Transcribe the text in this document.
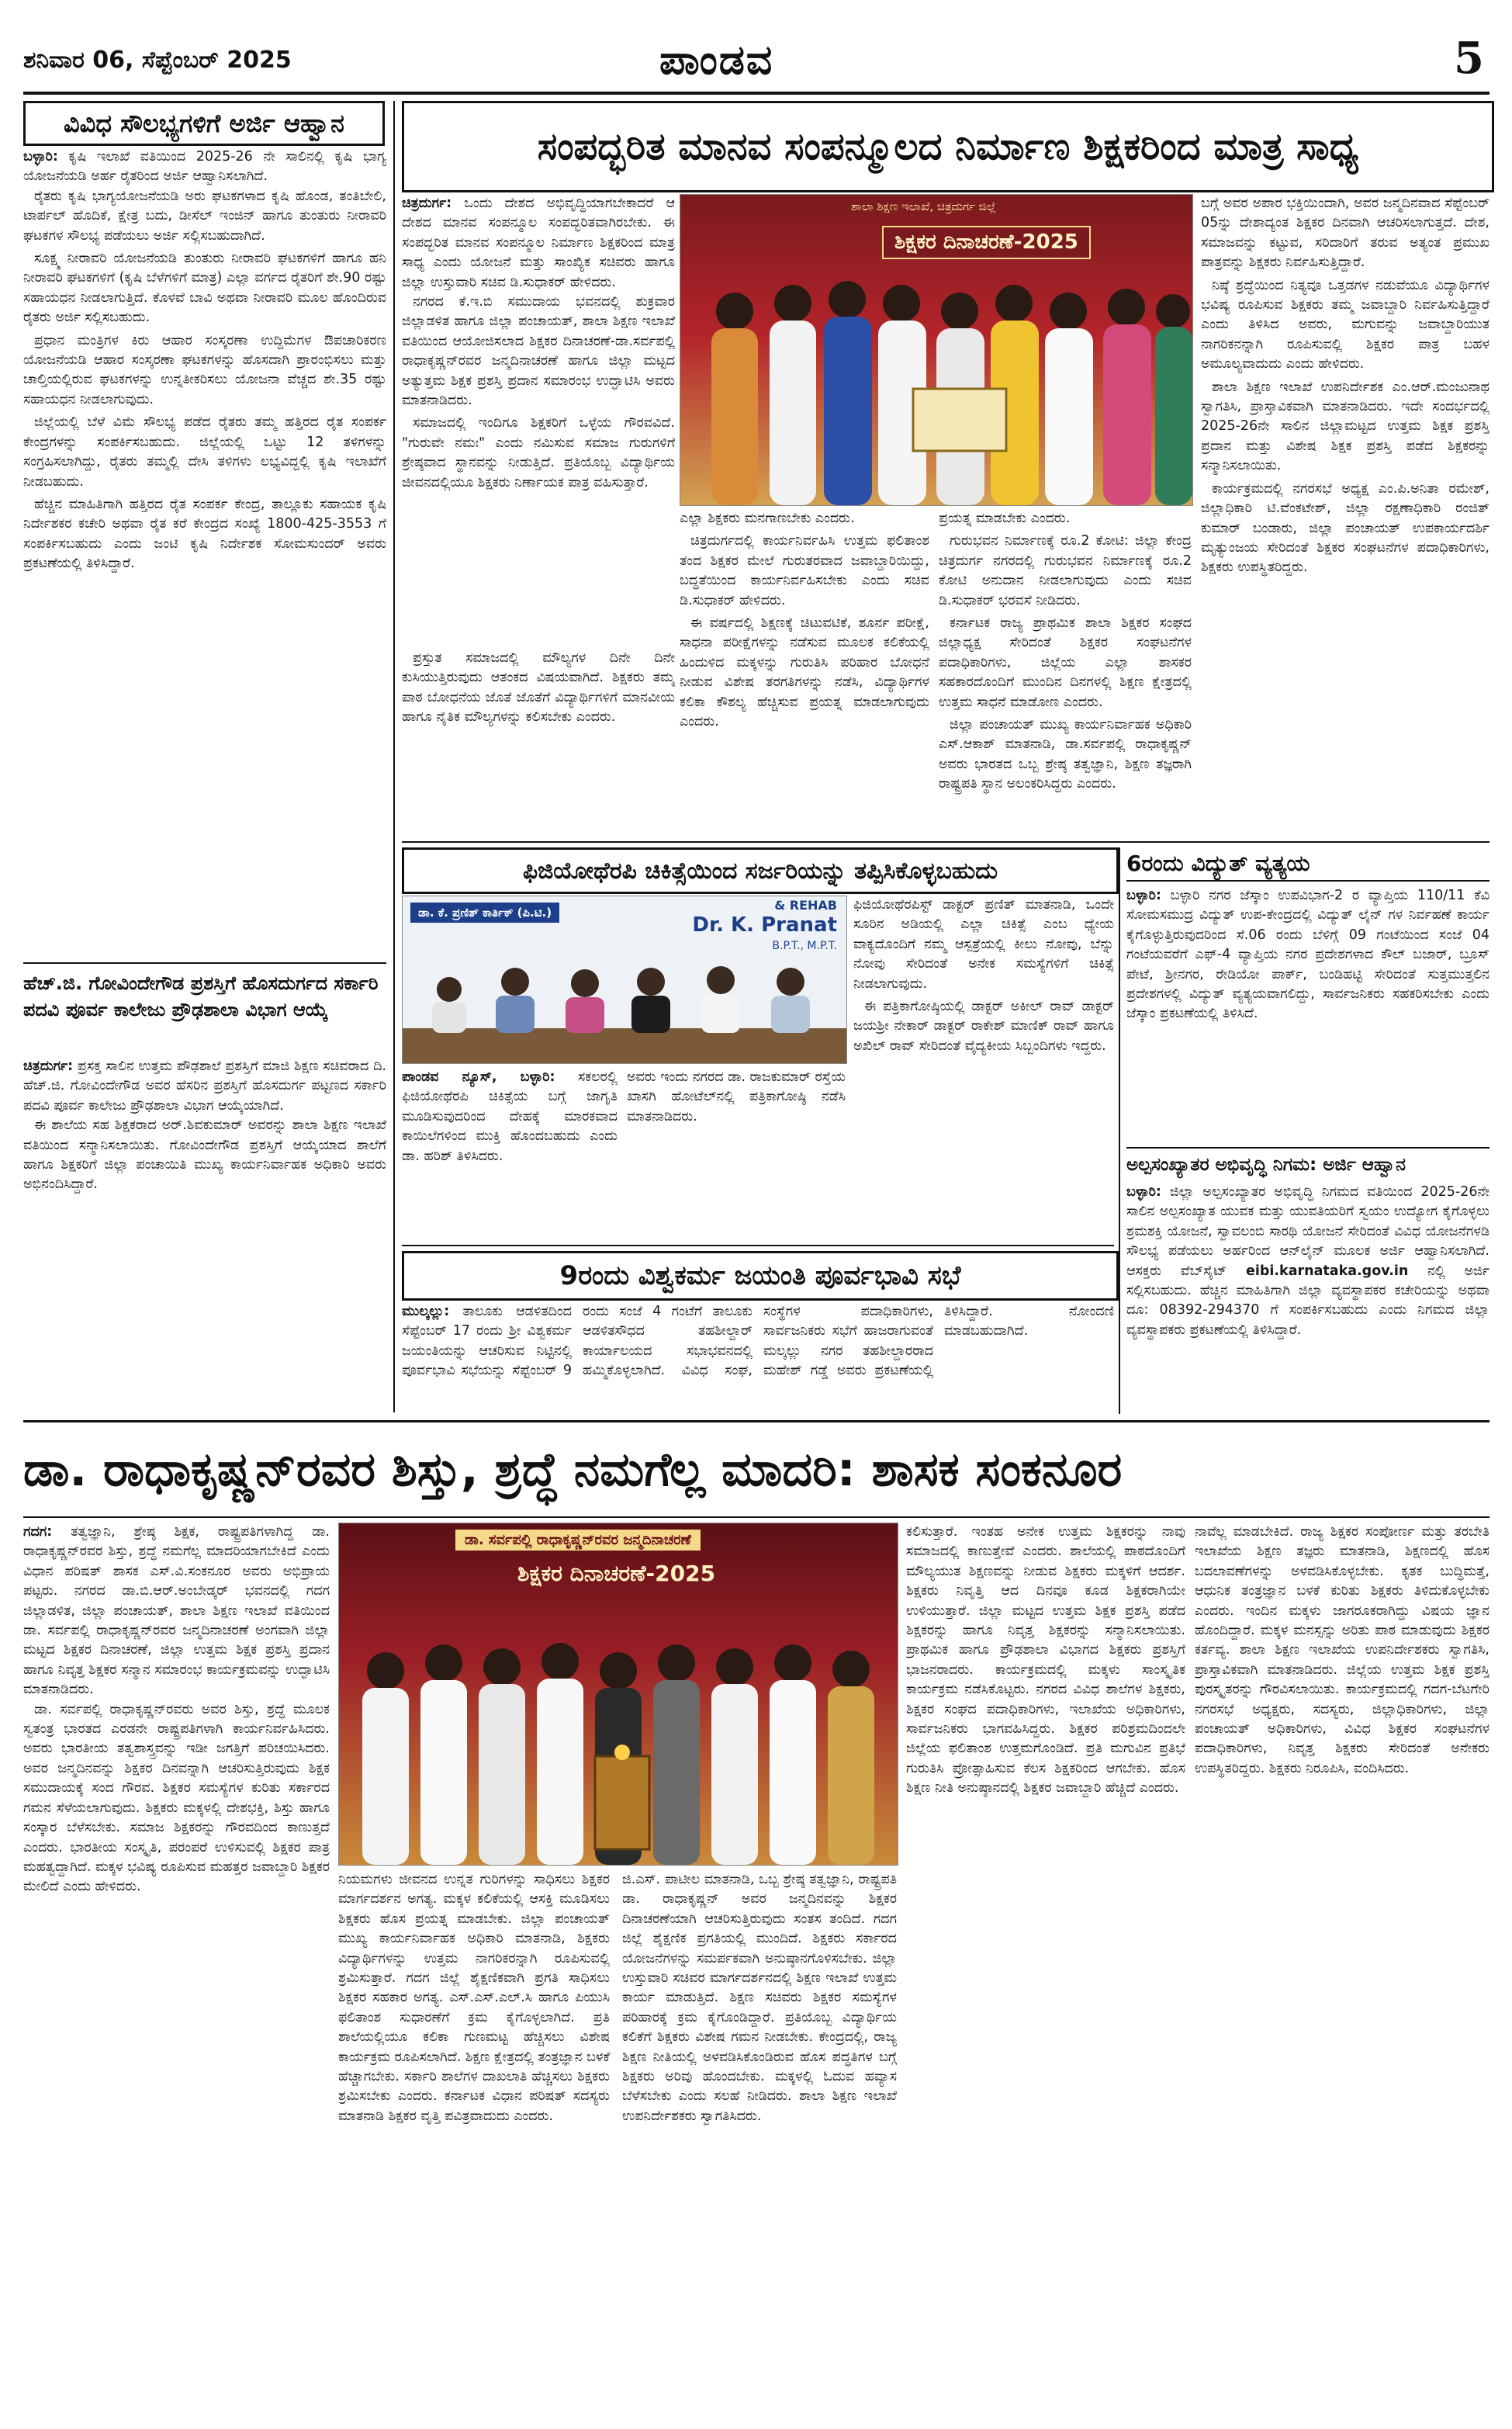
ಶನಿವಾರ 06, ಸೆಪ್ಟೆಂಬರ್ 2025	ಪಾಂಡವ	5
ವಿವಿಧ ಸೌಲಭ್ಯಗಳಿಗೆ ಅರ್ಜಿ ಆಹ್ವಾನ
ಬಳ್ಳಾರಿ: ಕೃಷಿ ಇಲಾಖೆ ವತಿಯಿಂದ 2025-26 ನೇ ಸಾಲಿನಲ್ಲಿ ಕೃಷಿ ಭಾಗ್ಯ ಯೋಜನೆಯಡಿ ಅರ್ಹ ರೈತರಿಂದ ಅರ್ಜಿ ಆಹ್ವಾನಿಸಲಾಗಿದೆ.

ರೈತರು ಕೃಷಿ ಭಾಗ್ಯಯೋಜನೆಯಡಿ ಅರು ಘಟಕಗಳಾದ ಕೃಷಿ ಹೊಂಡ, ತಂತಿಬೇಲಿ, ಟಾರ್ಪಲ್ ಹೊದಿಕೆ, ಕ್ಷೇತ್ರ ಬದು, ಡೀಸೆಲ್ ಇಂಜಿನ್ ಹಾಗೂ ತುಂತುರು ನೀರಾವರಿ ಘಟಕಗಳ ಸೌಲಭ್ಯ ಪಡೆಯಲು ಅರ್ಜಿ ಸಲ್ಲಿಸಬಹುದಾಗಿದೆ.

ಸೂಕ್ಷ್ಮ ನೀರಾವರಿ ಯೋಜನೆಯಡಿ ತುಂತುರು ನೀರಾವರಿ ಘಟಕಗಳಿಗೆ ಹಾಗೂ ಹನಿ ನೀರಾವರಿ ಘಟಕಗಳಿಗೆ (ಕೃಷಿ ಬೆಳೆಗಳಿಗೆ ಮಾತ್ರ) ಎಲ್ಲಾ ವರ್ಗದ ರೈತರಿಗೆ ಶೇ.90 ರಷ್ಟು ಸಹಾಯಧನ ನೀಡಲಾಗುತ್ತಿದೆ. ಕೊಳವೆ ಬಾವಿ ಅಥವಾ ನೀರಾವರಿ ಮೂಲ ಹೊಂದಿರುವ ರೈತರು ಅರ್ಜಿ ಸಲ್ಲಿಸಬಹುದು.

ಪ್ರಧಾನ ಮಂತ್ರಿಗಳ ಕಿರು ಆಹಾರ ಸಂಸ್ಕರಣಾ ಉದ್ದಿಮೆಗಳ ಔಪಚಾರಿಕರಣ ಯೋಜನೆಯಡಿ ಆಹಾರ ಸಂಸ್ಕರಣಾ ಘಟಕಗಳನ್ನು ಹೊಸದಾಗಿ ಪ್ರಾರಂಭಿಸಲು ಮತ್ತು ಚಾಲ್ತಿಯಲ್ಲಿರುವ ಘಟಕಗಳನ್ನು ಉನ್ನತೀಕರಿಸಲು ಯೋಜನಾ ವೆಚ್ಚದ ಶೇ.35 ರಷ್ಟು ಸಹಾಯಧನ ನೀಡಲಾಗುವುದು.

ಜಿಲ್ಲೆಯಲ್ಲಿ ಬೆಳೆ ವಿಮೆ ಸೌಲಭ್ಯ ಪಡೆದ ರೈತರು ತಮ್ಮ ಹತ್ತಿರದ ರೈತ ಸಂಪರ್ಕ ಕೇಂದ್ರಗಳನ್ನು ಸಂಪರ್ಕಿಸಬಹುದು. ಜಿಲ್ಲೆಯಲ್ಲಿ ಒಟ್ಟು 12 ತಳಿಗಳನ್ನು ಸಂಗ್ರಹಿಸಲಾಗಿದ್ದು, ರೈತರು ತಮ್ಮಲ್ಲಿ ದೇಸಿ ತಳಿಗಳು ಲಭ್ಯವಿದ್ದಲ್ಲಿ ಕೃಷಿ ಇಲಾಖೆಗೆ ನೀಡಬಹುದು.

ಹೆಚ್ಚಿನ ಮಾಹಿತಿಗಾಗಿ ಹತ್ತಿರದ ರೈತ ಸಂಪರ್ಕ ಕೇಂದ್ರ, ತಾಲ್ಲೂಕು ಸಹಾಯಕ ಕೃಷಿ ನಿರ್ದೇಶಕರ ಕಚೇರಿ ಅಥವಾ ರೈತ ಕರೆ ಕೇಂದ್ರದ ಸಂಖ್ಯೆ 1800-425-3553 ಗೆ ಸಂಪರ್ಕಿಸಬಹುದು ಎಂದು ಜಂಟಿ ಕೃಷಿ ನಿರ್ದೇಶಕ ಸೋಮಸುಂದರ್ ಅವರು ಪ್ರಕಟಣೆಯಲ್ಲಿ ತಿಳಿಸಿದ್ದಾರೆ.

ಹೆಚ್.ಜಿ. ಗೋವಿಂದೇಗೌಡ ಪ್ರಶಸ್ತಿಗೆ ಹೊಸದುರ್ಗದ ಸರ್ಕಾರಿ ಪದವಿ ಪೂರ್ವ ಕಾಲೇಜು ಪ್ರೌಢಶಾಲಾ ವಿಭಾಗ ಆಯ್ಕೆ
ಚಿತ್ರದುರ್ಗ: ಪ್ರಸಕ್ತ ಸಾಲಿನ ಉತ್ತಮ ಪೌಢಶಾಲೆ ಪ್ರಶಸ್ತಿಗೆ ಮಾಜಿ ಶಿಕ್ಷಣ ಸಚಿವರಾದ ದಿ. ಹೆಚ್.ಜಿ. ಗೋವಿಂದೇಗೌಡ ಅವರ ಹೆಸರಿನ ಪ್ರಶಸ್ತಿಗೆ ಹೊಸದುರ್ಗ ಪಟ್ಟಣದ ಸರ್ಕಾರಿ ಪದವಿ ಪೂರ್ವ ಕಾಲೇಜು ಪ್ರೌಢಶಾಲಾ ವಿಭಾಗ ಆಯ್ಕೆಯಾಗಿದೆ.

ಈ ಶಾಲೆಯ ಸಹ ಶಿಕ್ಷಕರಾದ ಅರ್.ಶಿವಕುಮಾರ್ ಅವರನ್ನು ಶಾಲಾ ಶಿಕ್ಷಣ ಇಲಾಖೆ ವತಿಯಿಂದ ಸನ್ಮಾನಿಸಲಾಯಿತು. ಗೋವಿಂದೇಗೌಡ ಪ್ರಶಸ್ತಿಗೆ ಆಯ್ಕೆಯಾದ ಶಾಲೆಗೆ ಹಾಗೂ ಶಿಕ್ಷಕರಿಗೆ ಜಿಲ್ಲಾ ಪಂಚಾಯಿತಿ ಮುಖ್ಯ ಕಾರ್ಯನಿರ್ವಾಹಕ ಅಧಿಕಾರಿ ಅವರು ಅಭಿನಂದಿಸಿದ್ದಾರೆ.

ಸಂಪದ್ಭರಿತ ಮಾನವ ಸಂಪನ್ಮೂಲದ ನಿರ್ಮಾಣ ಶಿಕ್ಷಕರಿಂದ ಮಾತ್ರ ಸಾಧ್ಯ
ಚಿತ್ರದುರ್ಗ: ಒಂದು ದೇಶದ ಅಭಿವೃದ್ಧಿಯಾಗಬೇಕಾದರೆ ಆ ದೇಶದ ಮಾನವ ಸಂಪನ್ಮೂಲ ಸಂಪದ್ಭರಿತವಾಗಿರಬೇಕು. ಈ ಸಂಪದ್ಭರಿತ ಮಾನವ ಸಂಪನ್ಮೂಲ ನಿರ್ಮಾಣ ಶಿಕ್ಷಕರಿಂದ ಮಾತ್ರ ಸಾಧ್ಯ ಎಂದು ಯೋಜನೆ ಮತ್ತು ಸಾಂಖ್ಯಿಕ ಸಚಿವರು ಹಾಗೂ ಜಿಲ್ಲಾ ಉಸ್ತುವಾರಿ ಸಚಿವ ಡಿ.ಸುಧಾಕರ್ ಹೇಳಿದರು.

ನಗರದ ಕೆ.ಇ.ಬಿ ಸಮುದಾಯ ಭವನದಲ್ಲಿ ಶುಕ್ರವಾರ ಜಿಲ್ಲಾಡಳಿತ ಹಾಗೂ ಜಿಲ್ಲಾ ಪಂಚಾಯತ್, ಶಾಲಾ ಶಿಕ್ಷಣ ಇಲಾಖೆ ವತಿಯಿಂದ ಆಯೋಜಿಸಲಾದ ಶಿಕ್ಷಕರ ದಿನಾಚರಣೆ-ಡಾ.ಸರ್ವಪಲ್ಲಿ ರಾಧಾಕೃಷ್ಣನ್‌ರವರ ಜನ್ಮದಿನಾಚರಣೆ ಹಾಗೂ ಜಿಲ್ಲಾ ಮಟ್ಟದ ಅತ್ಯುತ್ತಮ ಶಿಕ್ಷಕ ಪ್ರಶಸ್ತಿ ಪ್ರದಾನ ಸಮಾರಂಭ ಉದ್ಘಾಟಿಸಿ ಅವರು ಮಾತನಾಡಿದರು.

ಸಮಾಜದಲ್ಲಿ ಇಂದಿಗೂ ಶಿಕ್ಷಕರಿಗೆ ಒಳ್ಳೆಯ ಗೌರವವಿದೆ. "ಗುರುವೇ ನಮಃ" ಎಂದು ನಮಿಸುವ ಸಮಾಜ ಗುರುಗಳಿಗೆ ಶ್ರೇಷ್ಠವಾದ ಸ್ಥಾನವನ್ನು ನೀಡುತ್ತಿದೆ. ಪ್ರತಿಯೊಬ್ಬ ವಿದ್ಯಾರ್ಥಿಯ ಜೀವನದಲ್ಲಿಯೂ ಶಿಕ್ಷಕರು ನಿರ್ಣಾಯಕ ಪಾತ್ರ ವಹಿಸುತ್ತಾರೆ.

ಶಾಲಾ ಶಿಕ್ಷಣ ಇಲಾಖೆ, ಚಿತ್ರದುರ್ಗ ಜಿಲ್ಲೆ
ಶಿಕ್ಷಕರ ದಿನಾಚರಣೆ-2025

ಎಲ್ಲಾ ಶಿಕ್ಷಕರು ಮನಗಾಣಬೇಕು ಎಂದರು.

ಚಿತ್ರದುರ್ಗದಲ್ಲಿ ಕಾರ್ಯನಿರ್ವಹಿಸಿ ಉತ್ತಮ ಫಲಿತಾಂಶ ತಂದ ಶಿಕ್ಷಕರ ಮೇಲೆ ಗುರುತರವಾದ ಜವಾಬ್ದಾರಿಯಿದ್ದು, ಬದ್ಧತೆಯಿಂದ ಕಾರ್ಯನಿರ್ವಹಿಸಬೇಕು ಎಂದು ಸಚಿವ ಡಿ.ಸುಧಾಕರ್ ಹೇಳಿದರು.

ಈ ವರ್ಷದಲ್ಲಿ ಶಿಕ್ಷಣಕ್ಕೆ ಚಿಟುವಟಿಕೆ, ಶೂರ್ನ ಪರೀಕ್ಷೆ, ಸಾಧನಾ ಪರೀಕ್ಷೆಗಳನ್ನು ನಡೆಸುವ ಮೂಲಕ ಕಲಿಕೆಯಲ್ಲಿ ಹಿಂದುಳಿದ ಮಕ್ಕಳನ್ನು ಗುರುತಿಸಿ ಪರಿಹಾರ ಬೋಧನೆ ನೀಡುವ ವಿಶೇಷ ತರಗತಿಗಳನ್ನು ನಡೆಸಿ, ವಿದ್ಯಾರ್ಥಿಗಳ ಕಲಿಕಾ ಕೌಶಲ್ಯ ಹೆಚ್ಚಿಸುವ ಪ್ರಯತ್ನ ಮಾಡಲಾಗುವುದು ಎಂದರು.

ಪ್ರಯತ್ನ ಮಾಡಬೇಕು ಎಂದರು.

ಗುರುಭವನ ನಿರ್ಮಾಣಕ್ಕೆ ರೂ.2 ಕೋಟಿ: ಜಿಲ್ಲಾ ಕೇಂದ್ರ ಚಿತ್ರದುರ್ಗ ನಗರದಲ್ಲಿ ಗುರುಭವನ ನಿರ್ಮಾಣಕ್ಕೆ ರೂ.2 ಕೋಟಿ ಅನುದಾನ ನೀಡಲಾಗುವುದು ಎಂದು ಸಚಿವ ಡಿ.ಸುಧಾಕರ್ ಭರವಸೆ ನೀಡಿದರು.

ಕರ್ನಾಟಕ ರಾಜ್ಯ ಪ್ರಾಥಮಿಕ ಶಾಲಾ ಶಿಕ್ಷಕರ ಸಂಘದ ಜಿಲ್ಲಾಧ್ಯಕ್ಷ ಸೇರಿದಂತೆ ಶಿಕ್ಷಕರ ಸಂಘಟನೆಗಳ ಪದಾಧಿಕಾರಿಗಳು, ಜಿಲ್ಲೆಯ ಎಲ್ಲಾ ಶಾಸಕರ ಸಹಕಾರದೊಂದಿಗೆ ಮುಂದಿನ ದಿನಗಳಲ್ಲಿ ಶಿಕ್ಷಣ ಕ್ಷೇತ್ರದಲ್ಲಿ ಉತ್ತಮ ಸಾಧನೆ ಮಾಡೋಣ ಎಂದರು.

ಜಿಲ್ಲಾ ಪಂಚಾಯತ್ ಮುಖ್ಯ ಕಾರ್ಯನಿರ್ವಾಹಕ ಅಧಿಕಾರಿ ಎಸ್.ಆಕಾಶ್ ಮಾತನಾಡಿ, ಡಾ.ಸರ್ವಪಲ್ಲಿ ರಾಧಾಕೃಷ್ಣನ್ ಅವರು ಭಾರತದ ಒಬ್ಬ ಶ್ರೇಷ್ಠ ತತ್ವಜ್ಞಾನಿ, ಶಿಕ್ಷಣ ತಜ್ಞರಾಗಿ ರಾಷ್ಟ್ರಪತಿ ಸ್ಥಾನ ಅಲಂಕರಿಸಿದ್ದರು ಎಂದರು.

ಪ್ರಸ್ತುತ ಸಮಾಜದಲ್ಲಿ ಮೌಲ್ಯಗಳ ದಿನೇ ದಿನೇ ಕುಸಿಯುತ್ತಿರುವುದು ಆತಂಕದ ವಿಷಯವಾಗಿದೆ. ಶಿಕ್ಷಕರು ತಮ್ಮ ಪಾಠ ಬೋಧನೆಯ ಜೊತೆ ಜೊತೆಗೆ ವಿದ್ಯಾರ್ಥಿಗಳಿಗೆ ಮಾನವೀಯ ಹಾಗೂ ನೈತಿಕ ಮೌಲ್ಯಗಳನ್ನು ಕಲಿಸಬೇಕು ಎಂದರು.

ಬಗ್ಗೆ ಅವರ ಅಪಾರ ಭಕ್ತಿಯಿಂದಾಗಿ, ಅವರ ಜನ್ಮದಿನವಾದ ಸೆಪ್ಟೆಂಬರ್ 05ನ್ನು ದೇಶಾದ್ಯಂತ ಶಿಕ್ಷಕರ ದಿನವಾಗಿ ಆಚರಿಸಲಾಗುತ್ತದೆ. ದೇಶ, ಸಮಾಜವನ್ನು ಕಟ್ಟುವ, ಸರಿದಾರಿಗೆ ತರುವ ಅತ್ಯಂತ ಪ್ರಮುಖ ಪಾತ್ರವನ್ನು ಶಿಕ್ಷಕರು ನಿರ್ವಹಿಸುತ್ತಿದ್ದಾರೆ.

ನಿಷ್ಠೆ ಶ್ರದ್ಧೆಯಿಂದ ನಿತ್ಯವೂ ಒತ್ತಡಗಳ ನಡುವೆಯೂ ವಿದ್ಯಾರ್ಥಿಗಳ ಭವಿಷ್ಯ ರೂಪಿಸುವ ಶಿಕ್ಷಕರು ತಮ್ಮ ಜವಾಬ್ದಾರಿ ನಿರ್ವಹಿಸುತ್ತಿದ್ದಾರೆ ಎಂದು ತಿಳಿಸಿದ ಅವರು, ಮಗುವನ್ನು ಜವಾಬ್ದಾರಿಯುತ ನಾಗರಿಕನನ್ನಾಗಿ ರೂಪಿಸುವಲ್ಲಿ ಶಿಕ್ಷಕರ ಪಾತ್ರ ಬಹಳ ಅಮೂಲ್ಯವಾದುದು ಎಂದು ಹೇಳಿದರು.

ಶಾಲಾ ಶಿಕ್ಷಣ ಇಲಾಖೆ ಉಪನಿರ್ದೇಶಕ ಎಂ.ಆರ್.ಮಂಜುನಾಥ ಸ್ವಾಗತಿಸಿ, ಪ್ರಾಸ್ತಾವಿಕವಾಗಿ ಮಾತನಾಡಿದರು. ಇದೇ ಸಂದರ್ಭದಲ್ಲಿ 2025-26ನೇ ಸಾಲಿನ ಜಿಲ್ಲಾಮಟ್ಟದ ಉತ್ತಮ ಶಿಕ್ಷಕ ಪ್ರಶಸ್ತಿ ಪ್ರದಾನ ಮತ್ತು ವಿಶೇಷ ಶಿಕ್ಷಕ ಪ್ರಶಸ್ತಿ ಪಡೆದ ಶಿಕ್ಷಕರನ್ನು ಸನ್ಮಾನಿಸಲಾಯಿತು.

ಕಾರ್ಯಕ್ರಮದಲ್ಲಿ ನಗರಸಭೆ ಅಧ್ಯಕ್ಷ ಎಂ.ಪಿ.ಅನಿತಾ ರಮೇಶ್, ಜಿಲ್ಲಾಧಿಕಾರಿ ಟಿ.ವೆಂಕಟೇಶ್, ಜಿಲ್ಲಾ ರಕ್ಷಣಾಧಿಕಾರಿ ರಂಜಿತ್ ಕುಮಾರ್ ಬಂಡಾರು, ಜಿಲ್ಲಾ ಪಂಚಾಯತ್ ಉಪಕಾರ್ಯದರ್ಶಿ ಮೃತ್ಯುಂಜಯ ಸೇರಿದಂತೆ ಶಿಕ್ಷಕರ ಸಂಘಟನೆಗಳ ಪದಾಧಿಕಾರಿಗಳು, ಶಿಕ್ಷಕರು ಉಪಸ್ಥಿತರಿದ್ದರು.

ಫಿಜಿಯೋಥೆರಪಿ ಚಿಕಿತ್ಸೆಯಿಂದ ಸರ್ಜರಿಯನ್ನು ತಪ್ಪಿಸಿಕೊಳ್ಳಬಹುದು
ಡಾ. ಕೆ. ಪ್ರಣಿತ್ ಕಾರ್ತಿಕ್ (ಪಿ.ಟಿ.)	& REHAB
Dr. K. Pranat
B.P.T., M.P.T.
ಪಾಂಡವ ನ್ಯೂಸ್, ಬಳ್ಳಾರಿ: ಸಕಲರಲ್ಲಿ ಫಿಜಿಯೋಥೆರಪಿ ಚಿಕಿತ್ಸೆಯ ಬಗ್ಗೆ ಜಾಗೃತಿ ಮೂಡಿಸುವುದರಿಂದ ದೇಹಕ್ಕೆ ಮಾರಕವಾದ ಕಾಯಿಲೆಗಳಿಂದ ಮುಕ್ತಿ ಹೊಂದಬಹುದು ಎಂದು ಡಾ. ಹರಿಶ್ ತಿಳಿಸಿದರು.

ಅವರು ಇಂದು ನಗರದ ಡಾ. ರಾಜಕುಮಾರ್ ರಸ್ತೆಯ ಖಾಸಗಿ ಹೋಟೆಲ್‌ನಲ್ಲಿ ಪತ್ರಿಕಾಗೋಷ್ಠಿ ನಡೆಸಿ ಮಾತನಾಡಿದರು.

ಫಿಜಿಯೋಥೆರಪಿಸ್ಟ್ ಡಾಕ್ಟರ್ ಪ್ರಣಿತ್ ಮಾತನಾಡಿ, ಒಂದೇ ಸೂರಿನ ಅಡಿಯಲ್ಲಿ ಎಲ್ಲಾ ಚಿಕಿತ್ಸೆ ಎಂಬ ಧ್ಯೇಯ ವಾಕ್ಯದೊಂದಿಗೆ ನಮ್ಮ ಆಸ್ಪತ್ರೆಯಲ್ಲಿ ಕೀಲು ನೋವು, ಬೆನ್ನು ನೋವು ಸೇರಿದಂತೆ ಅನೇಕ ಸಮಸ್ಯೆಗಳಿಗೆ ಚಿಕಿತ್ಸೆ ನೀಡಲಾಗುವುದು.

ಈ ಪತ್ರಿಕಾಗೋಷ್ಠಿಯಲ್ಲಿ ಡಾಕ್ಟರ್ ಅಕೀಲ್ ರಾವ್ ಡಾಕ್ಟರ್ ಜಯಶ್ರೀ ನೇಕಾರ್ ಡಾಕ್ಟರ್ ರಾಕೇಶ್ ಮಾಣಿಕ್ ರಾವ್ ಹಾಗೂ ಅಖಿಲ್ ರಾವ್ ಸೇರಿದಂತೆ ವೈದ್ಯಕೀಯ ಸಿಬ್ಬಂದಿಗಳು ಇದ್ದರು.

9ರಂದು ವಿಶ್ವಕರ್ಮ ಜಯಂತಿ ಪೂರ್ವಭಾವಿ ಸಭೆ
ಮುಲ್ಕಲ್ಲು: ತಾಲೂಕು ಆಡಳಿತದಿಂದ ಸೆಪ್ಟೆಂಬರ್ 17 ರಂದು ಶ್ರೀ ವಿಶ್ವಕರ್ಮ ಜಯಂತಿಯನ್ನು ಆಚರಿಸುವ ನಿಟ್ಟಿನಲ್ಲಿ ಪೂರ್ವಭಾವಿ ಸಭೆಯನ್ನು ಸೆಪ್ಟೆಂಬರ್ 9 ರಂದು ಸಂಜೆ 4 ಗಂಟೆಗೆ ತಾಲೂಕು ಆಡಳಿತಸೌಧದ ತಹಶೀಲ್ದಾರ್ ಕಾರ್ಯಾಲಯದ ಸಭಾಭವನದಲ್ಲಿ ಹಮ್ಮಿಕೊಳ್ಳಲಾಗಿದೆ. ವಿವಿಧ ಸಂಘ, ಸಂಸ್ಥೆಗಳ ಪದಾಧಿಕಾರಿಗಳು, ಸಾರ್ವಜನಿಕರು ಸಭೆಗೆ ಹಾಜರಾಗುವಂತೆ ಮಲ್ಕಲ್ಲು ನಗರ ತಹಶೀಲ್ದಾರರಾದ ಮಹೇಶ್ ಗಡ್ಡೆ ಅವರು ಪ್ರಕಟಣೆಯಲ್ಲಿ ತಿಳಿಸಿದ್ದಾರೆ. ನೋಂದಣಿ ಮಾಡಬಹುದಾಗಿದೆ.
6ರಂದು ವಿದ್ಯುತ್ ವ್ಯತ್ಯಯ
ಬಳ್ಳಾರಿ: ಬಳ್ಳಾರಿ ನಗರ ಜೆಸ್ಕಾಂ ಉಪವಿಭಾಗ-2 ರ ವ್ಯಾಪ್ತಿಯ 110/11 ಕೆವಿ ಸೋಮಸಮುದ್ರ ವಿದ್ಯುತ್ ಉಪ-ಕೇಂದ್ರದಲ್ಲಿ ವಿದ್ಯುತ್ ಲೈನ್ ಗಳ ನಿರ್ವಹಣೆ ಕಾರ್ಯ ಕೈಗೊಳ್ಳುತ್ತಿರುವುದರಿಂದ ಸೆ.06 ರಂದು ಬೆಳಿಗ್ಗೆ 09 ಗಂಟೆಯಿಂದ ಸಂಜೆ 04 ಗಂಟೆಯವರೆಗೆ ಎಫ್-4 ವ್ಯಾಪ್ತಿಯ ನಗರ ಪ್ರದೇಶಗಳಾದ ಕೌಲ್ ಬಜಾರ್, ಬ್ರೂಸ್ ಪೇಟೆ, ಶ್ರೀನಗರ, ರೇಡಿಯೋ ಪಾರ್ಕ್, ಬಂಡಿಹಟ್ಟಿ ಸೇರಿದಂತೆ ಸುತ್ತಮುತ್ತಲಿನ ಪ್ರದೇಶಗಳಲ್ಲಿ ವಿದ್ಯುತ್ ವ್ಯತ್ಯಯವಾಗಲಿದ್ದು, ಸಾರ್ವಜನಿಕರು ಸಹಕರಿಸಬೇಕು ಎಂದು ಜೆಸ್ಕಾಂ ಪ್ರಕಟಣೆಯಲ್ಲಿ ತಿಳಿಸಿದೆ.
ಅಲ್ಪಸಂಖ್ಯಾತರ ಅಭಿವೃದ್ಧಿ ನಿಗಮ: ಅರ್ಜಿ ಆಹ್ವಾನ
ಬಳ್ಳಾರಿ: ಜಿಲ್ಲಾ ಅಲ್ಪಸಂಖ್ಯಾತರ ಅಭಿವೃದ್ಧಿ ನಿಗಮದ ವತಿಯಿಂದ 2025-26ನೇ ಸಾಲಿನ ಅಲ್ಪಸಂಖ್ಯಾತ ಯುವಕ ಮತ್ತು ಯುವತಿಯರಿಗೆ ಸ್ವಯಂ ಉದ್ಯೋಗ ಕೈಗೊಳ್ಳಲು ಶ್ರಮಶಕ್ತಿ ಯೋಜನೆ, ಸ್ವಾವಲಂಬಿ ಸಾರಥಿ ಯೋಜನೆ ಸೇರಿದಂತೆ ವಿವಿಧ ಯೋಜನೆಗಳಡಿ ಸೌಲಭ್ಯ ಪಡೆಯಲು ಅರ್ಹರಿಂದ ಆನ್‌ಲೈನ್ ಮೂಲಕ ಅರ್ಜಿ ಆಹ್ವಾನಿಸಲಾಗಿದೆ. ಆಸಕ್ತರು ವೆಬ್‌ಸೈಟ್ eibi.karnataka.gov.in ನಲ್ಲಿ ಅರ್ಜಿ ಸಲ್ಲಿಸಬಹುದು. ಹೆಚ್ಚಿನ ಮಾಹಿತಿಗಾಗಿ ಜಿಲ್ಲಾ ವ್ಯವಸ್ಥಾಪಕರ ಕಚೇರಿಯನ್ನು ಅಥವಾ ದೂ: 08392-294370 ಗೆ ಸಂಪರ್ಕಿಸಬಹುದು ಎಂದು ನಿಗಮದ ಜಿಲ್ಲಾ ವ್ಯವಸ್ಥಾಪಕರು ಪ್ರಕಟಣೆಯಲ್ಲಿ ತಿಳಿಸಿದ್ದಾರೆ.
ಡಾ. ರಾಧಾಕೃಷ್ಣನ್‌ರವರ ಶಿಸ್ತು, ಶ್ರದ್ಧೆ ನಮಗೆಲ್ಲ ಮಾದರಿ: ಶಾಸಕ ಸಂಕನೂರ
ಗದಗ: ತತ್ವಜ್ಞಾನಿ, ಶ್ರೇಷ್ಠ ಶಿಕ್ಷಕ, ರಾಷ್ಟ್ರಪತಿಗಳಾಗಿದ್ದ ಡಾ. ರಾಧಾಕೃಷ್ಣನ್‌ರವರ ಶಿಸ್ತು, ಶ್ರದ್ಧೆ ನಮಗೆಲ್ಲ ಮಾದರಿಯಾಗಬೇಕಿದೆ ಎಂದು ವಿಧಾನ ಪರಿಷತ್ ಶಾಸಕ ಎಸ್.ವಿ.ಸಂಕನೂರ ಅವರು ಅಭಿಪ್ರಾಯ ಪಟ್ಟರು. ನಗರದ ಡಾ.ಬಿ.ಆರ್.ಅಂಬೇಡ್ಕರ್ ಭವನದಲ್ಲಿ ಗದಗ ಜಿಲ್ಲಾಡಳಿತ, ಜಿಲ್ಲಾ ಪಂಚಾಯತ್, ಶಾಲಾ ಶಿಕ್ಷಣ ಇಲಾಖೆ ವತಿಯಿಂದ ಡಾ. ಸರ್ವಪಲ್ಲಿ ರಾಧಾಕೃಷ್ಣನ್‌ರವರ ಜನ್ಮದಿನಾಚರಣೆ ಅಂಗವಾಗಿ ಜಿಲ್ಲಾ ಮಟ್ಟದ ಶಿಕ್ಷಕರ ದಿನಾಚರಣೆ, ಜಿಲ್ಲಾ ಉತ್ತಮ ಶಿಕ್ಷಕ ಪ್ರಶಸ್ತಿ ಪ್ರದಾನ ಹಾಗೂ ನಿವೃತ್ತ ಶಿಕ್ಷಕರ ಸನ್ಮಾನ ಸಮಾರಂಭ ಕಾರ್ಯಕ್ರಮವನ್ನು ಉದ್ಘಾಟಿಸಿ ಮಾತನಾಡಿದರು.

ಡಾ. ಸರ್ವಪಲ್ಲಿ ರಾಧಾಕೃಷ್ಣನ್‌ರವರು ಅವರ ಶಿಸ್ತು, ಶ್ರದ್ಧೆ ಮೂಲಕ ಸ್ವತಂತ್ರ ಭಾರತದ ಎರಡನೇ ರಾಷ್ಟ್ರಪತಿಗಳಾಗಿ ಕಾರ್ಯನಿರ್ವಹಿಸಿದರು. ಅವರು ಭಾರತೀಯ ತತ್ವಶಾಸ್ತ್ರವನ್ನು ಇಡೀ ಜಗತ್ತಿಗೆ ಪರಿಚಯಿಸಿದರು. ಅವರ ಜನ್ಮದಿನವನ್ನು ಶಿಕ್ಷಕರ ದಿನವನ್ನಾಗಿ ಆಚರಿಸುತ್ತಿರುವುದು ಶಿಕ್ಷಕ ಸಮುದಾಯಕ್ಕೆ ಸಂದ ಗೌರವ. ಶಿಕ್ಷಕರ ಸಮಸ್ಯೆಗಳ ಕುರಿತು ಸರ್ಕಾರದ ಗಮನ ಸೆಳೆಯಲಾಗುವುದು. ಶಿಕ್ಷಕರು ಮಕ್ಕಳಲ್ಲಿ ದೇಶಭಕ್ತಿ, ಶಿಸ್ತು ಹಾಗೂ ಸಂಸ್ಕಾರ ಬೆಳೆಸಬೇಕು. ಸಮಾಜ ಶಿಕ್ಷಕರನ್ನು ಗೌರವದಿಂದ ಕಾಣುತ್ತದೆ ಎಂದರು. ಭಾರತೀಯ ಸಂಸ್ಕೃತಿ, ಪರಂಪರೆ ಉಳಿಸುವಲ್ಲಿ ಶಿಕ್ಷಕರ ಪಾತ್ರ ಮಹತ್ವದ್ದಾಗಿದೆ. ಮಕ್ಕಳ ಭವಿಷ್ಯ ರೂಪಿಸುವ ಮಹತ್ತರ ಜವಾಬ್ದಾರಿ ಶಿಕ್ಷಕರ ಮೇಲಿದೆ ಎಂದು ಹೇಳಿದರು.

ಡಾ. ಸರ್ವಪಲ್ಲಿ ರಾಧಾಕೃಷ್ಣನ್‌ರವರ ಜನ್ಮದಿನಾಚರಣೆ
ಶಿಕ್ಷಕರ ದಿನಾಚರಣೆ-2025

ನಿಯಮಗಳು ಜೀವನದ ಉನ್ನತ ಗುರಿಗಳನ್ನು ಸಾಧಿಸಲು ಶಿಕ್ಷಕರ ಮಾರ್ಗದರ್ಶನ ಅಗತ್ಯ. ಮಕ್ಕಳ ಕಲಿಕೆಯಲ್ಲಿ ಆಸಕ್ತಿ ಮೂಡಿಸಲು ಶಿಕ್ಷಕರು ಹೊಸ ಪ್ರಯತ್ನ ಮಾಡಬೇಕು. ಜಿಲ್ಲಾ ಪಂಚಾಯತ್ ಮುಖ್ಯ ಕಾರ್ಯನಿರ್ವಾಹಕ ಅಧಿಕಾರಿ ಮಾತನಾಡಿ, ಶಿಕ್ಷಕರು ವಿದ್ಯಾರ್ಥಿಗಳನ್ನು ಉತ್ತಮ ನಾಗರಿಕರನ್ನಾಗಿ ರೂಪಿಸುವಲ್ಲಿ ಶ್ರಮಿಸುತ್ತಾರೆ. ಗದಗ ಜಿಲ್ಲೆ ಶೈಕ್ಷಣಿಕವಾಗಿ ಪ್ರಗತಿ ಸಾಧಿಸಲು ಶಿಕ್ಷಕರ ಸಹಕಾರ ಅಗತ್ಯ. ಎಸ್.ಎಸ್.ಎಲ್.ಸಿ ಹಾಗೂ ಪಿಯುಸಿ ಫಲಿತಾಂಶ ಸುಧಾರಣೆಗೆ ಕ್ರಮ ಕೈಗೊಳ್ಳಲಾಗಿದೆ. ಪ್ರತಿ ಶಾಲೆಯಲ್ಲಿಯೂ ಕಲಿಕಾ ಗುಣಮಟ್ಟ ಹೆಚ್ಚಿಸಲು ವಿಶೇಷ ಕಾರ್ಯಕ್ರಮ ರೂಪಿಸಲಾಗಿದೆ. ಶಿಕ್ಷಣ ಕ್ಷೇತ್ರದಲ್ಲಿ ತಂತ್ರಜ್ಞಾನ ಬಳಕೆ ಹೆಚ್ಚಾಗಬೇಕು. ಸರ್ಕಾರಿ ಶಾಲೆಗಳ ದಾಖಲಾತಿ ಹೆಚ್ಚಿಸಲು ಶಿಕ್ಷಕರು ಶ್ರಮಿಸಬೇಕು ಎಂದರು. ಕರ್ನಾಟಕ ವಿಧಾನ ಪರಿಷತ್ ಸದಸ್ಯರು ಮಾತನಾಡಿ ಶಿಕ್ಷಕರ ವೃತ್ತಿ ಪವಿತ್ರವಾದುದು ಎಂದರು.

ಜಿ.ಎಸ್. ಪಾಟೀಲ ಮಾತನಾಡಿ, ಒಬ್ಬ ಶ್ರೇಷ್ಠ ತತ್ವಜ್ಞಾನಿ, ರಾಷ್ಟ್ರಪತಿ ಡಾ. ರಾಧಾಕೃಷ್ಣನ್ ಅವರ ಜನ್ಮದಿನವನ್ನು ಶಿಕ್ಷಕರ ದಿನಾಚರಣೆಯಾಗಿ ಆಚರಿಸುತ್ತಿರುವುದು ಸಂತಸ ತಂದಿದೆ. ಗದಗ ಜಿಲ್ಲೆ ಶೈಕ್ಷಣಿಕ ಪ್ರಗತಿಯಲ್ಲಿ ಮುಂದಿದೆ. ಶಿಕ್ಷಕರು ಸರ್ಕಾರದ ಯೋಜನೆಗಳನ್ನು ಸಮರ್ಪಕವಾಗಿ ಅನುಷ್ಠಾನಗೊಳಿಸಬೇಕು. ಜಿಲ್ಲಾ ಉಸ್ತುವಾರಿ ಸಚಿವರ ಮಾರ್ಗದರ್ಶನದಲ್ಲಿ ಶಿಕ್ಷಣ ಇಲಾಖೆ ಉತ್ತಮ ಕಾರ್ಯ ಮಾಡುತ್ತಿದೆ. ಶಿಕ್ಷಣ ಸಚಿವರು ಶಿಕ್ಷಕರ ಸಮಸ್ಯೆಗಳ ಪರಿಹಾರಕ್ಕೆ ಕ್ರಮ ಕೈಗೊಂಡಿದ್ದಾರೆ. ಪ್ರತಿಯೊಬ್ಬ ವಿದ್ಯಾರ್ಥಿಯ ಕಲಿಕೆಗೆ ಶಿಕ್ಷಕರು ವಿಶೇಷ ಗಮನ ನೀಡಬೇಕು. ಕೇಂದ್ರದಲ್ಲಿ, ರಾಜ್ಯ ಶಿಕ್ಷಣ ನೀತಿಯಲ್ಲಿ ಅಳವಡಿಸಿಕೊಂಡಿರುವ ಹೊಸ ಪದ್ಧತಿಗಳ ಬಗ್ಗೆ ಶಿಕ್ಷಕರು ಅರಿವು ಹೊಂದಬೇಕು. ಮಕ್ಕಳಲ್ಲಿ ಓದುವ ಹವ್ಯಾಸ ಬೆಳೆಸಬೇಕು ಎಂದು ಸಲಹೆ ನೀಡಿದರು. ಶಾಲಾ ಶಿಕ್ಷಣ ಇಲಾಖೆ ಉಪನಿರ್ದೇಶಕರು ಸ್ವಾಗತಿಸಿದರು.

ಕಲಿಸುತ್ತಾರೆ. ಇಂತಹ ಅನೇಕ ಉತ್ತಮ ಶಿಕ್ಷಕರನ್ನು ನಾವು ಸಮಾಜದಲ್ಲಿ ಕಾಣುತ್ತೇವೆ ಎಂದರು. ಶಾಲೆಯಲ್ಲಿ ಪಾಠದೊಂದಿಗೆ ಮೌಲ್ಯಯುತ ಶಿಕ್ಷಣವನ್ನು ನೀಡುವ ಶಿಕ್ಷಕರು ಮಕ್ಕಳಿಗೆ ಆದರ್ಶ. ಶಿಕ್ಷಕರು ನಿವೃತ್ತಿ ಆದ ದಿನವೂ ಕೂಡ ಶಿಕ್ಷಕರಾಗಿಯೇ ಉಳಿಯುತ್ತಾರೆ. ಜಿಲ್ಲಾ ಮಟ್ಟದ ಉತ್ತಮ ಶಿಕ್ಷಕ ಪ್ರಶಸ್ತಿ ಪಡೆದ ಶಿಕ್ಷಕರನ್ನು ಹಾಗೂ ನಿವೃತ್ತ ಶಿಕ್ಷಕರನ್ನು ಸನ್ಮಾನಿಸಲಾಯಿತು. ಪ್ರಾಥಮಿಕ ಹಾಗೂ ಪ್ರೌಢಶಾಲಾ ವಿಭಾಗದ ಶಿಕ್ಷಕರು ಪ್ರಶಸ್ತಿಗೆ ಭಾಜನರಾದರು. ಕಾರ್ಯಕ್ರಮದಲ್ಲಿ ಮಕ್ಕಳು ಸಾಂಸ್ಕೃತಿಕ ಕಾರ್ಯಕ್ರಮ ನಡೆಸಿಕೊಟ್ಟರು. ನಗರದ ವಿವಿಧ ಶಾಲೆಗಳ ಶಿಕ್ಷಕರು, ಶಿಕ್ಷಕರ ಸಂಘದ ಪದಾಧಿಕಾರಿಗಳು, ಇಲಾಖೆಯ ಅಧಿಕಾರಿಗಳು, ಸಾರ್ವಜನಿಕರು ಭಾಗವಹಿಸಿದ್ದರು. ಶಿಕ್ಷಕರ ಪರಿಶ್ರಮದಿಂದಲೇ ಜಿಲ್ಲೆಯ ಫಲಿತಾಂಶ ಉತ್ತಮಗೊಂಡಿದೆ. ಪ್ರತಿ ಮಗುವಿನ ಪ್ರತಿಭೆ ಗುರುತಿಸಿ ಪ್ರೋತ್ಸಾಹಿಸುವ ಕೆಲಸ ಶಿಕ್ಷಕರಿಂದ ಆಗಬೇಕು. ಹೊಸ ಶಿಕ್ಷಣ ನೀತಿ ಅನುಷ್ಠಾನದಲ್ಲಿ ಶಿಕ್ಷಕರ ಜವಾಬ್ದಾರಿ ಹೆಚ್ಚಿದೆ ಎಂದರು.

ನಾವೆಲ್ಲ ಮಾಡಬೇಕಿದೆ. ರಾಜ್ಯ ಶಿಕ್ಷಕರ ಸಂಪೋರ್ಣ ಮತ್ತು ತರಬೇತಿ ಇಲಾಖೆಯ ಶಿಕ್ಷಣ ತಜ್ಞರು ಮಾತನಾಡಿ, ಶಿಕ್ಷಣದಲ್ಲಿ ಹೊಸ ಬದಲಾವಣೆಗಳನ್ನು ಅಳವಡಿಸಿಕೊಳ್ಳಬೇಕು. ಕೃತಕ ಬುದ್ಧಿಮತ್ತೆ, ಆಧುನಿಕ ತಂತ್ರಜ್ಞಾನ ಬಳಕೆ ಕುರಿತು ಶಿಕ್ಷಕರು ತಿಳಿದುಕೊಳ್ಳಬೇಕು ಎಂದರು. ಇಂದಿನ ಮಕ್ಕಳು ಜಾಗರೂಕರಾಗಿದ್ದು ವಿಷಯ ಜ್ಞಾನ ಹೊಂದಿದ್ದಾರೆ. ಮಕ್ಕಳ ಮನಸ್ಸನ್ನು ಅರಿತು ಪಾಠ ಮಾಡುವುದು ಶಿಕ್ಷಕರ ಕರ್ತವ್ಯ. ಶಾಲಾ ಶಿಕ್ಷಣ ಇಲಾಖೆಯ ಉಪನಿರ್ದೇಶಕರು ಸ್ವಾಗತಿಸಿ, ಪ್ರಾಸ್ತಾವಿಕವಾಗಿ ಮಾತನಾಡಿದರು. ಜಿಲ್ಲೆಯ ಉತ್ತಮ ಶಿಕ್ಷಕ ಪ್ರಶಸ್ತಿ ಪುರಸ್ಕೃತರನ್ನು ಗೌರವಿಸಲಾಯಿತು. ಕಾರ್ಯಕ್ರಮದಲ್ಲಿ ಗದಗ-ಬೆಟಗೇರಿ ನಗರಸಭೆ ಅಧ್ಯಕ್ಷರು, ಸದಸ್ಯರು, ಜಿಲ್ಲಾಧಿಕಾರಿಗಳು, ಜಿಲ್ಲಾ ಪಂಚಾಯತ್ ಅಧಿಕಾರಿಗಳು, ವಿವಿಧ ಶಿಕ್ಷಕರ ಸಂಘಟನೆಗಳ ಪದಾಧಿಕಾರಿಗಳು, ನಿವೃತ್ತ ಶಿಕ್ಷಕರು ಸೇರಿದಂತೆ ಅನೇಕರು ಉಪಸ್ಥಿತರಿದ್ದರು. ಶಿಕ್ಷಕರು ನಿರೂಪಿಸಿ, ವಂದಿಸಿದರು.
